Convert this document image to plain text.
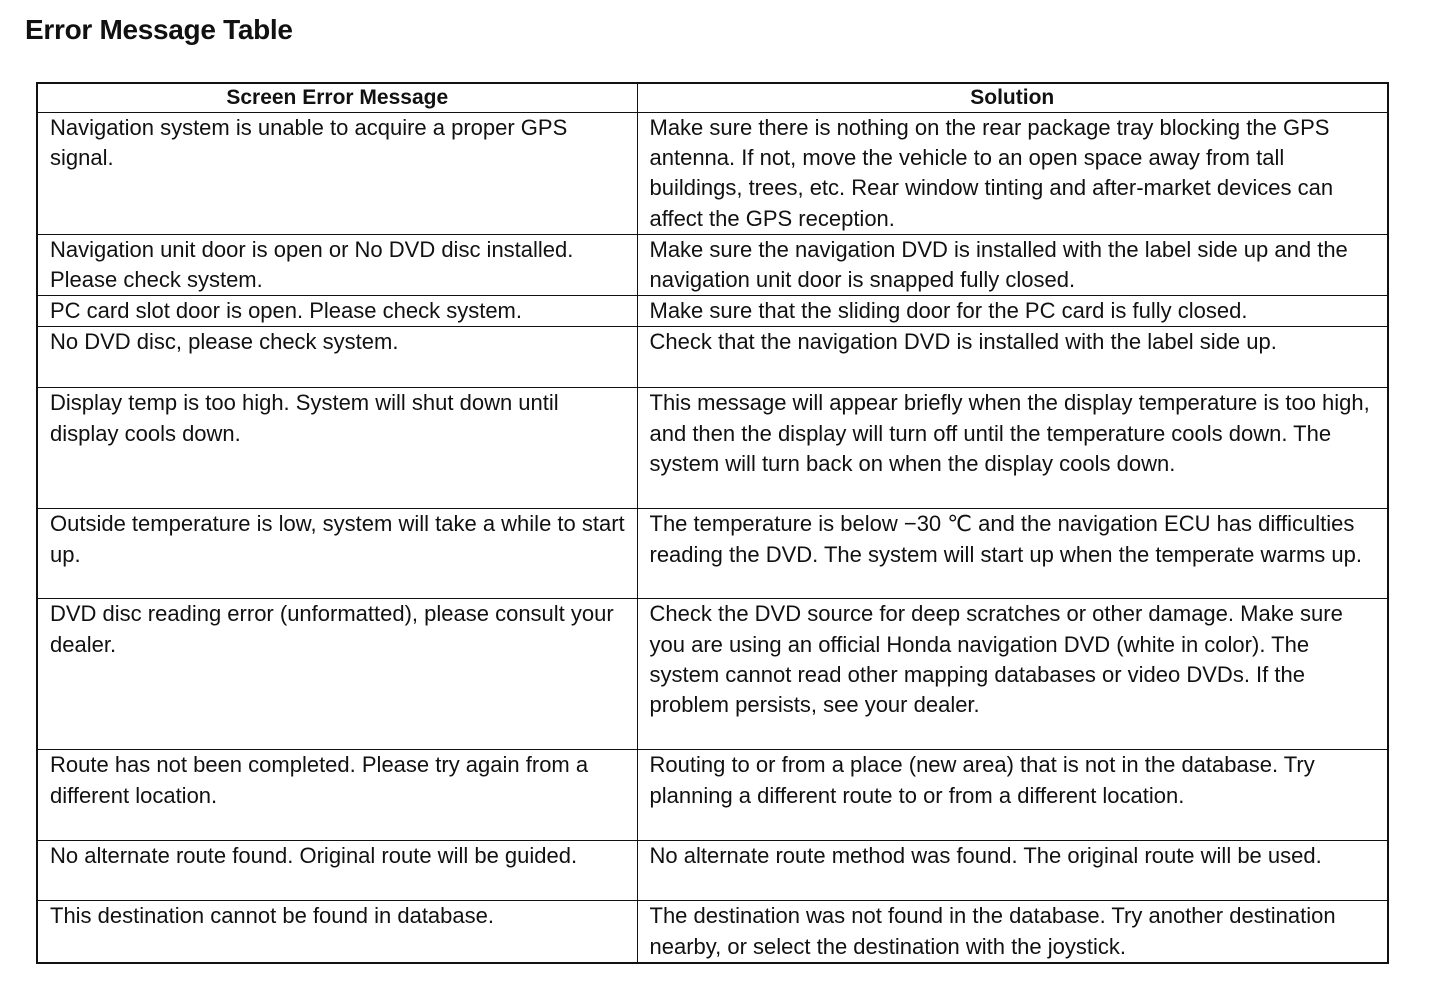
Error Message Table
Screen Error Message	Solution
Navigation system is unable to acquire a proper GPS signal.	Make sure there is nothing on the rear package tray blocking the GPS antenna. If not, move the vehicle to an open space away from tall buildings, trees, etc. Rear window tinting and after-market devices can affect the GPS reception.
Navigation unit door is open or No DVD disc installed. Please check system.	Make sure the navigation DVD is installed with the label side up and the navigation unit door is snapped fully closed.
PC card slot door is open. Please check system.	Make sure that the sliding door for the PC card is fully closed.
No DVD disc, please check system.	Check that the navigation DVD is installed with the label side up.
Display temp is too high. System will shut down until display cools down.	This message will appear briefly when the display temperature is too high, and then the display will turn off until the temperature cools down. The system will turn back on when the display cools down.
Outside temperature is low, system will take a while to start up.	The temperature is below −30 ℃ and the navigation ECU has difficulties reading the DVD. The system will start up when the temperate warms up.
DVD disc reading error (unformatted), please consult your dealer.	Check the DVD source for deep scratches or other damage. Make sure you are using an official Honda navigation DVD (white in color). The system cannot read other mapping databases or video DVDs. If the problem persists, see your dealer.
Route has not been completed. Please try again from a different location.	Routing to or from a place (new area) that is not in the database. Try planning a different route to or from a different location.
No alternate route found. Original route will be guided.	No alternate route method was found. The original route will be used.
This destination cannot be found in database.	The destination was not found in the database. Try another destination nearby, or select the destination with the joystick.
